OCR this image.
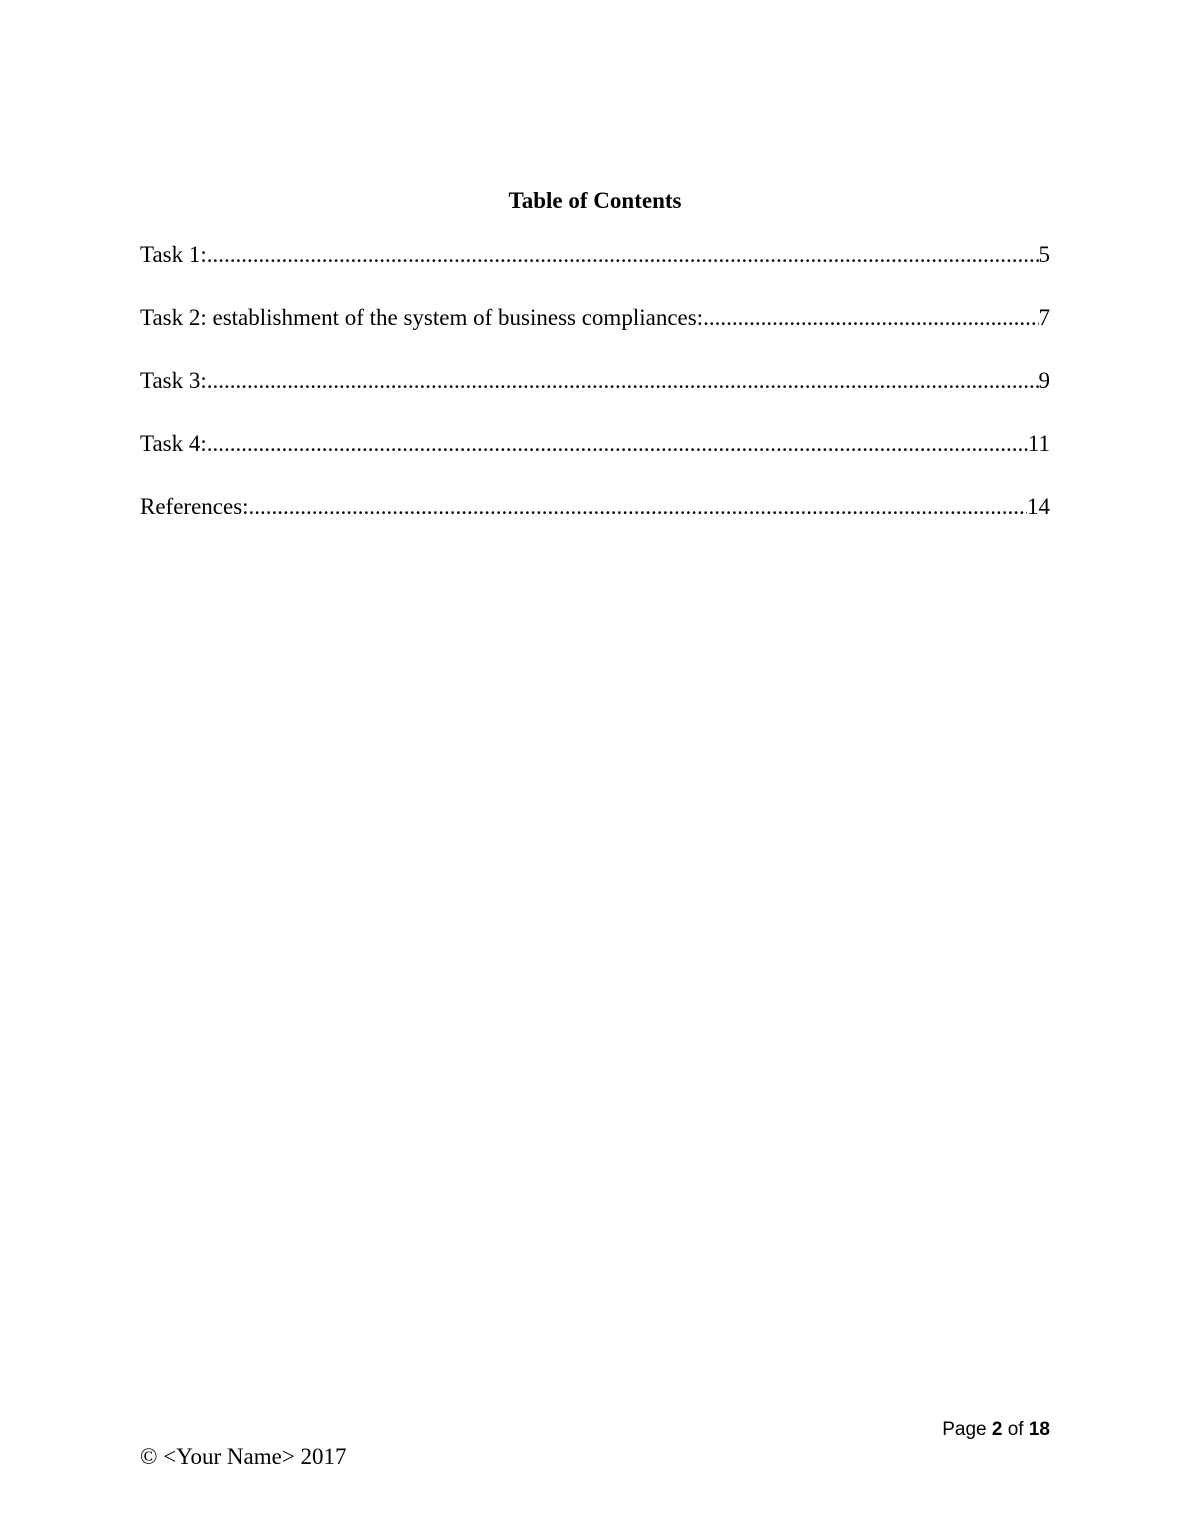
Table of Contents
Task 1: .....	5
Task 2: establishment of the system of business compliances: .....	7
Task 3: .....	9
Task 4: .....	11
References: .....	14
Page 2 of 18
© <Your Name> 2017
